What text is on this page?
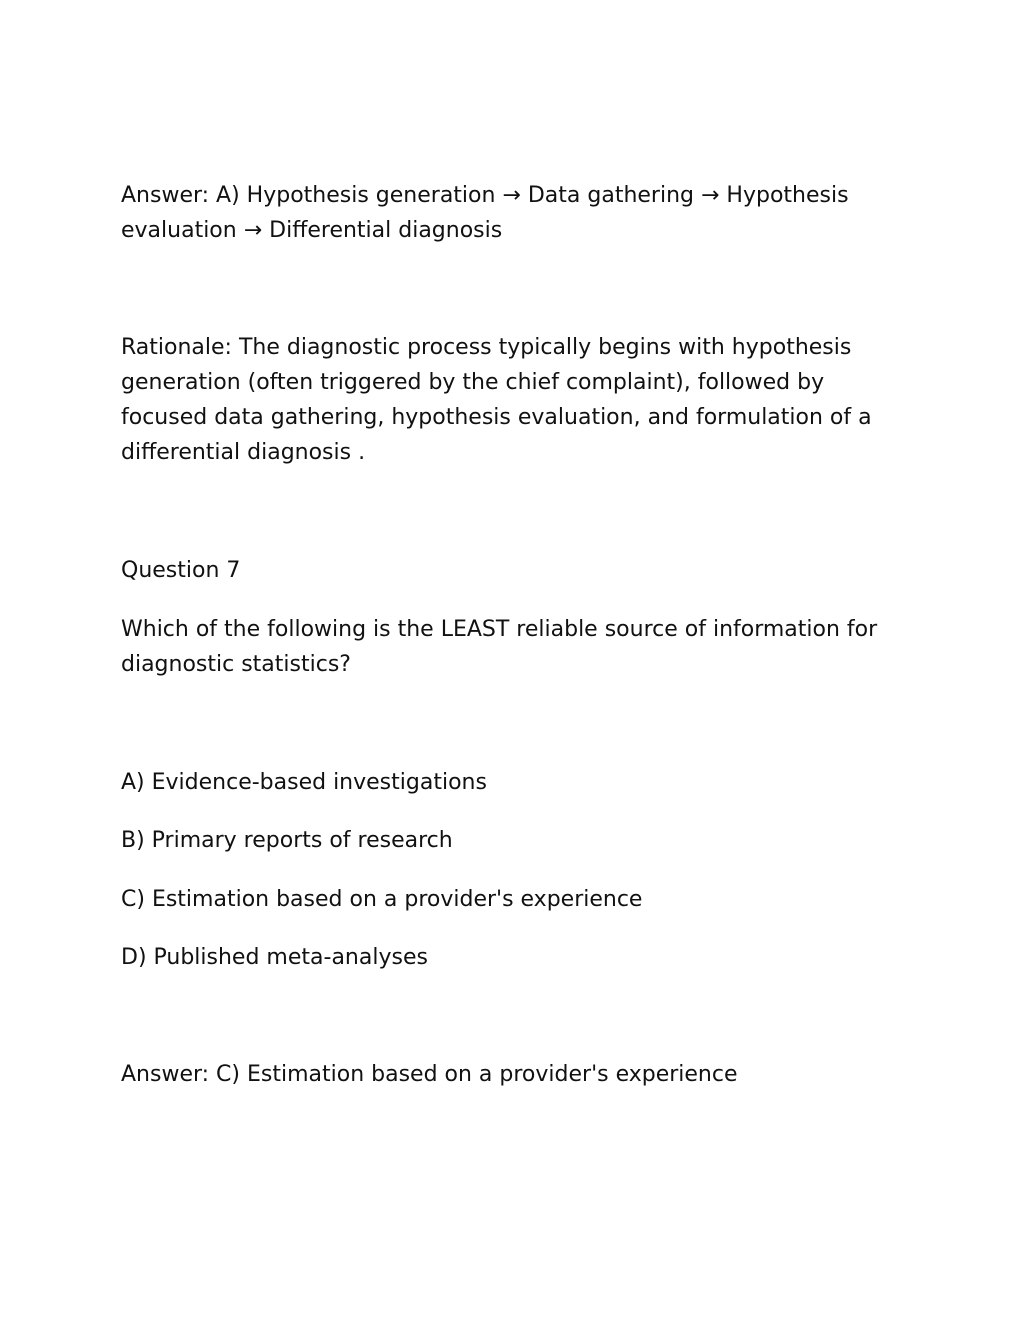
Answer: A) Hypothesis generation → Data gathering → Hypothesis evaluation → Differential diagnosis

Rationale: The diagnostic process typically begins with hypothesis generation (often triggered by the chief complaint), followed by focused data gathering, hypothesis evaluation, and formulation of a differential diagnosis .

Question 7

Which of the following is the LEAST reliable source of information for diagnostic statistics?

A) Evidence-based investigations

B) Primary reports of research

C) Estimation based on a provider's experience

D) Published meta-analyses

Answer: C) Estimation based on a provider's experience
